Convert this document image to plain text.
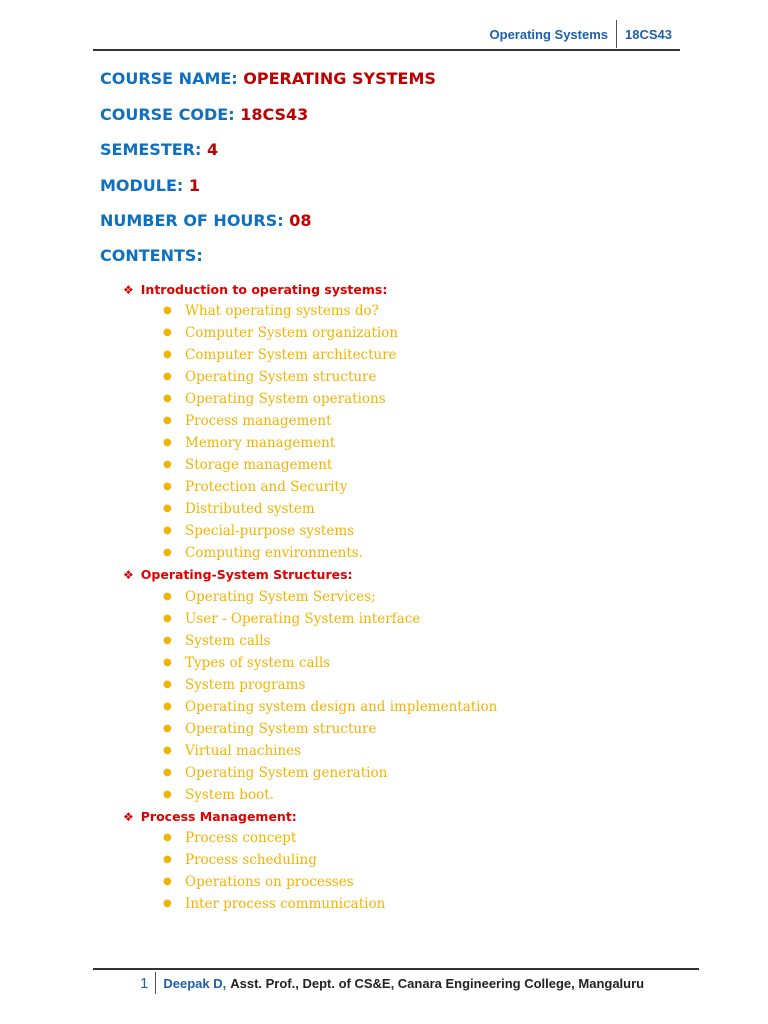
Operating Systems	18CS43
COURSE NAME: OPERATING SYSTEMS
COURSE CODE: 18CS43
SEMESTER: 4
MODULE: 1
NUMBER OF HOURS: 08
CONTENTS:
❖ Introduction to operating systems:
● What operating systems do?
● Computer System organization
● Computer System architecture
● Operating System structure
● Operating System operations
● Process management
● Memory management
● Storage management
● Protection and Security
● Distributed system
● Special-purpose systems
● Computing environments.
❖ Operating-System Structures:
● Operating System Services;
● User - Operating System interface
● System calls
● Types of system calls
● System programs
● Operating system design and implementation
● Operating System structure
● Virtual machines
● Operating System generation
● System boot.
❖ Process Management:
● Process concept
● Process scheduling
● Operations on processes
● Inter process communication
1	Deepak D, Asst. Prof., Dept. of CS&E, Canara Engineering College, Mangaluru
